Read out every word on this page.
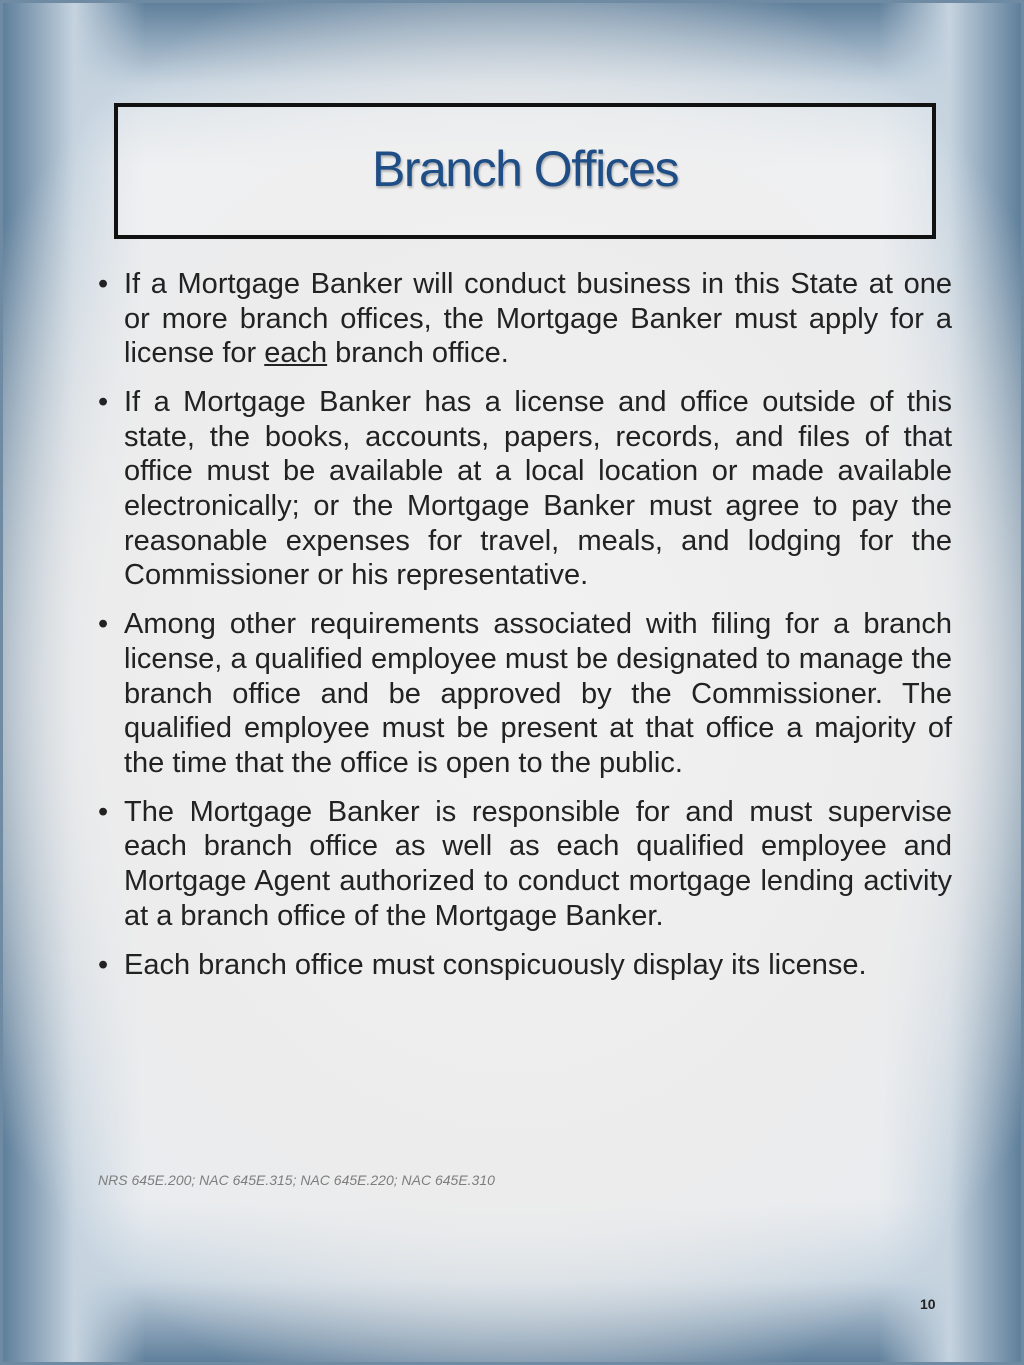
Branch Offices
• If a Mortgage Banker will conduct business in this State at one or more branch offices, the Mortgage Banker must apply for a license for each branch office.
• If a Mortgage Banker has a license and office outside of this state, the books, accounts, papers, records, and files of that office must be available at a local location or made available electronically; or the Mortgage Banker must agree to pay the reasonable expenses for travel, meals, and lodging for the Commissioner or his representative.
• Among other requirements associated with filing for a branch license, a qualified employee must be designated to manage the branch office and be approved by the Commissioner. The qualified employee must be present at that office a majority of the time that the office is open to the public.
• The Mortgage Banker is responsible for and must supervise each branch office as well as each qualified employee and Mortgage Agent authorized to conduct mortgage lending activity at a branch office of the Mortgage Banker.
• Each branch office must conspicuously display its license.
NRS 645E.200; NAC 645E.315; NAC 645E.220; NAC 645E.310
10
